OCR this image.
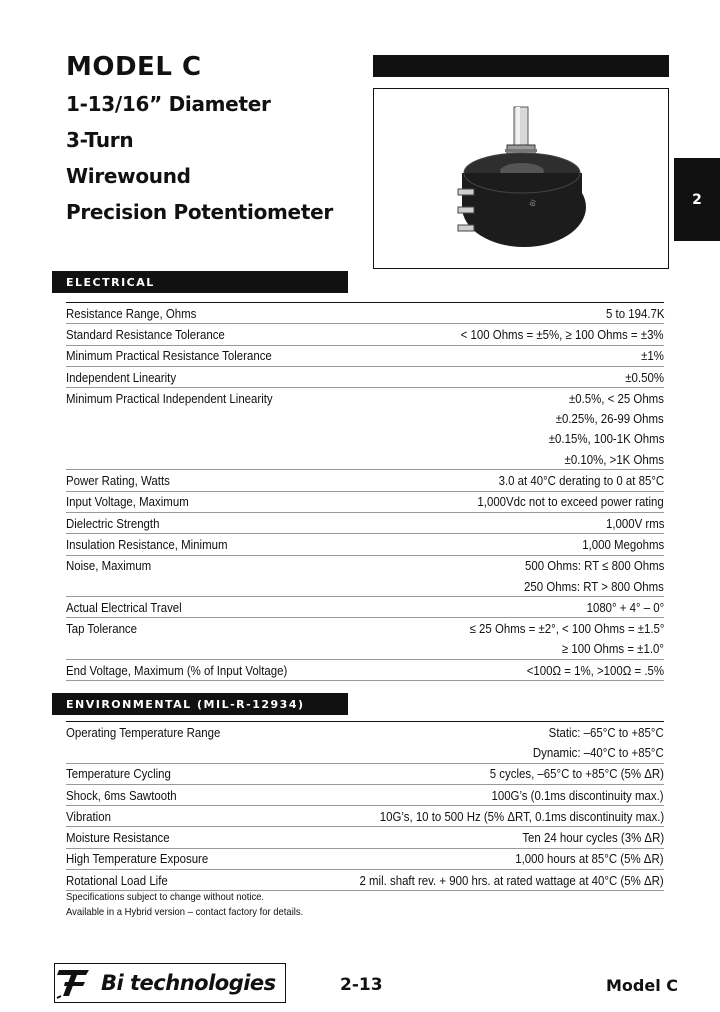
MODEL C
1-13/16” Diameter
3-Turn
Wirewound
Precision Potentiometer	BI	2
ELECTRICAL
Resistance Range, Ohms	5 to 194.7K
Standard Resistance Tolerance	< 100 Ohms = ±5%, ≥ 100 Ohms = ±3%
Minimum Practical Resistance Tolerance	±1%
Independent Linearity	±0.50%
Minimum Practical Independent Linearity	±0.5%, < 25 Ohms
±0.25%, 26-99 Ohms
±0.15%, 100-1K Ohms
±0.10%, >1K Ohms
Power Rating, Watts	3.0 at 40°C derating to 0 at 85°C
Input Voltage, Maximum	1,000Vdc not to exceed power rating
Dielectric Strength	1,000V rms
Insulation Resistance, Minimum	1,000 Megohms
Noise, Maximum	500 Ohms: RT ≤ 800 Ohms
250 Ohms: RT > 800 Ohms
Actual Electrical Travel	1080° + 4° – 0°
Tap Tolerance	≤ 25 Ohms = ±2°, < 100 Ohms = ±1.5°
≥ 100 Ohms = ±1.0°
End Voltage, Maximum (% of Input Voltage)	<100Ω = 1%, >100Ω = .5%
ENVIRONMENTAL (MIL-R-12934)
Operating Temperature Range	Static: –65°C to +85°C
Dynamic: –40°C to +85°C
Temperature Cycling	5 cycles, –65°C to +85°C (5% ΔR)
Shock, 6ms Sawtooth	100G’s (0.1ms discontinuity max.)
Vibration	10G’s, 10 to 500 Hz (5% ΔRT, 0.1ms discontinuity max.)
Moisture Resistance	Ten 24 hour cycles (3% ΔR)
High Temperature Exposure	1,000 hours at 85°C (5% ΔR)
Rotational Load Life	2 mil. shaft rev. + 900 hrs. at rated wattage at 40°C (5% ΔR)
Specifications subject to change without notice.
Available in a Hybrid version – contact factory for details.
Bi technologies	2-13	Model C
